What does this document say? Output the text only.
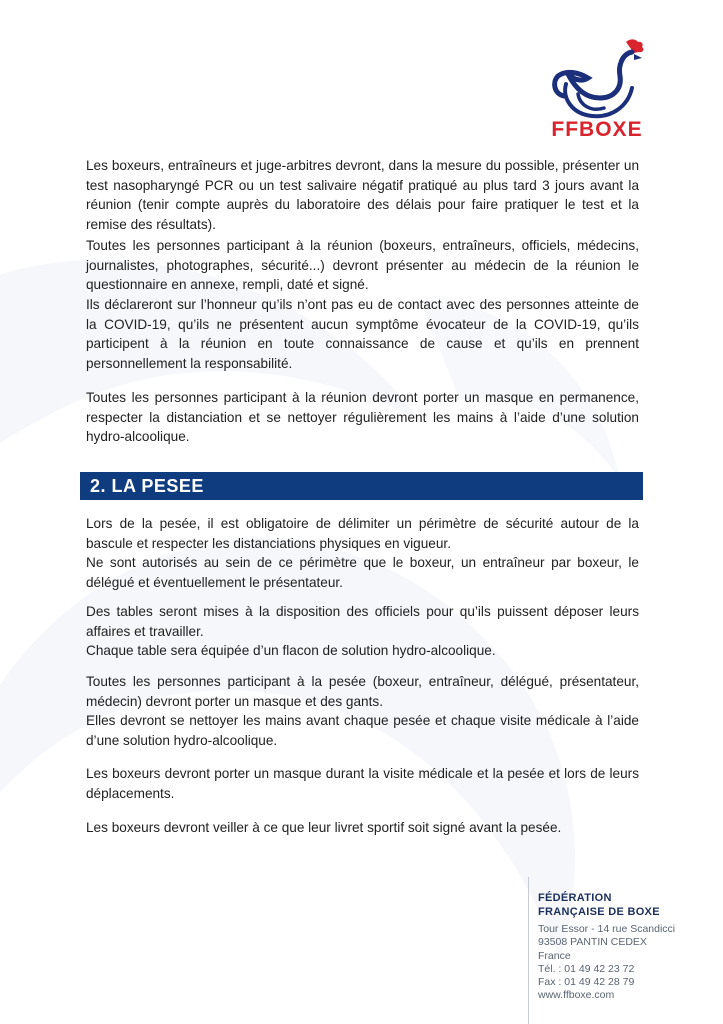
FFBOXE

Les boxeurs, entraîneurs et juge-arbitres devront, dans la mesure du possible, présenter un test nasopharyngé PCR ou un test salivaire négatif pratiqué au plus tard 3 jours avant la réunion (tenir compte auprès du laboratoire des délais pour faire pratiquer le test et la remise des résultats).

Toutes les personnes participant à la réunion (boxeurs, entraîneurs, officiels, médecins, journalistes, photographes, sécurité...) devront présenter au médecin de la réunion le questionnaire en annexe, rempli, daté et signé.

Ils déclareront sur l’honneur qu’ils n’ont pas eu de contact avec des personnes atteinte de la COVID-19, qu’ils ne présentent aucun symptôme évocateur de la COVID-19, qu’ils participent à la réunion en toute connaissance de cause et qu’ils en prennent personnellement la responsabilité.

Toutes les personnes participant à la réunion devront porter un masque en permanence, respecter la distanciation et se nettoyer régulièrement les mains à l’aide d’une solution hydro-alcoolique.

2. LA PESEE

Lors de la pesée, il est obligatoire de délimiter un périmètre de sécurité autour de la bascule et respecter les distanciations physiques en vigueur.

Ne sont autorisés au sein de ce périmètre que le boxeur, un entraîneur par boxeur, le délégué et éventuellement le présentateur.

Des tables seront mises à la disposition des officiels pour qu’ils puissent déposer leurs affaires et travailler.

Chaque table sera équipée d’un flacon de solution hydro-alcoolique.

Toutes les personnes participant à la pesée (boxeur, entraîneur, délégué, présentateur, médecin) devront porter un masque et des gants.

Elles devront se nettoyer les mains avant chaque pesée et chaque visite médicale à l’aide d’une solution hydro-alcoolique.

Les boxeurs devront porter un masque durant la visite médicale et la pesée et lors de leurs déplacements.

Les boxeurs devront veiller à ce que leur livret sportif soit signé avant la pesée.

FÉDÉRATION
FRANÇAISE DE BOXE
Tour Essor - 14 rue Scandicci
93508 PANTIN CEDEX
France
Tél. : 01 49 42 23 72
Fax : 01 49 42 28 79
www.ffboxe.com
